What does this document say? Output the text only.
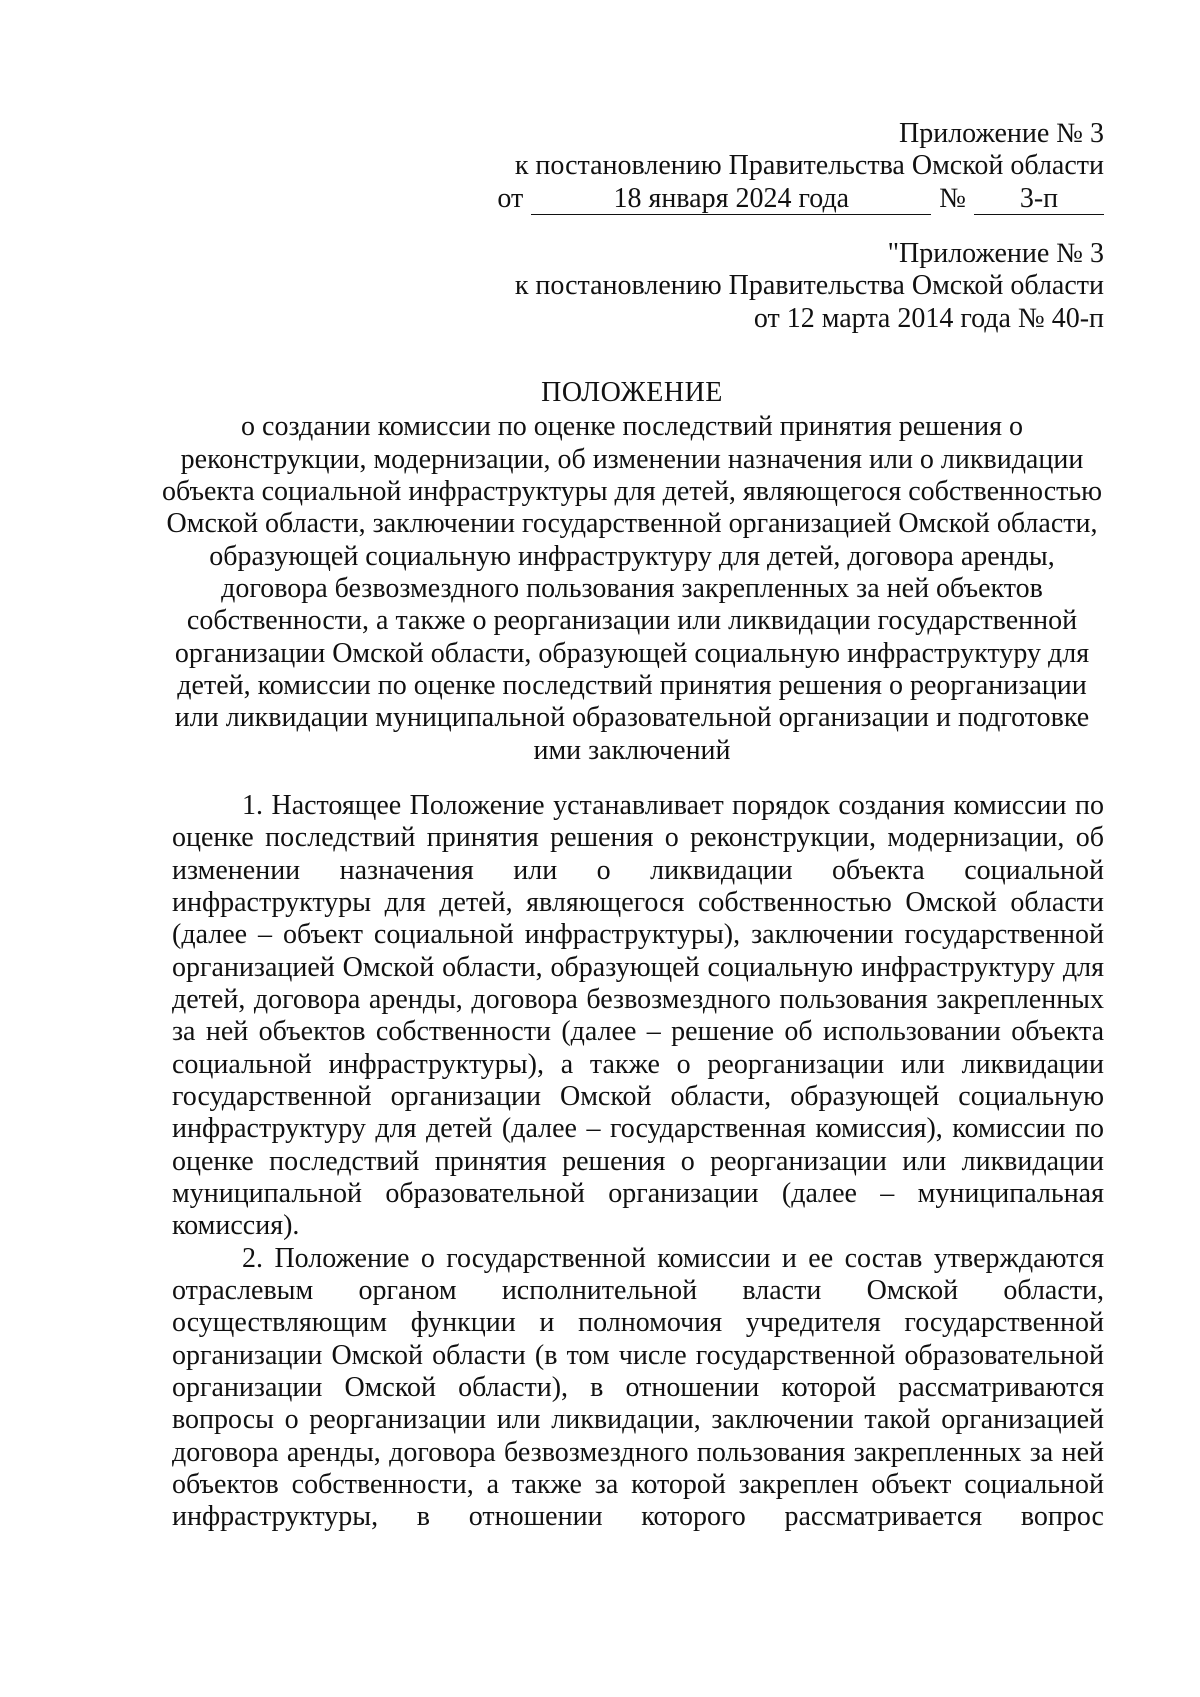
Приложение № 3
к постановлению Правительства Омской области
от	18 января 2024 года	№	3-п
"Приложение № 3
к постановлению Правительства Омской области
от 12 марта 2014 года № 40-п
ПОЛОЖЕНИЕ

о создании комиссии по оценке последствий принятия решения о реконструкции, модернизации, об изменении назначения или о ликвидации объекта социальной инфраструктуры для детей, являющегося собственностью Омской области, заключении государственной организацией Омской области, образующей социальную инфраструктуру для детей, договора аренды, договора безвозмездного пользования закрепленных за ней объектов собственности, а также о реорганизации или ликвидации государственной организации Омской области, образующей социальную инфраструктуру для детей, комиссии по оценке последствий принятия решения о реорганизации или ликвидации муниципальной образовательной организации и подготовке ими заключений

1. Настоящее Положение устанавливает порядок создания комиссии по оценке последствий принятия решения о реконструкции, модернизации, об изменении назначения или о ликвидации объекта социальной инфраструктуры для детей, являющегося собственностью Омской области (далее – объект социальной инфраструктуры), заключении государственной организацией Омской области, образующей социальную инфраструктуру для детей, договора аренды, договора безвозмездного пользования закрепленных за ней объектов собственности (далее – решение об использовании объекта социальной инфраструктуры), а также о реорганизации или ликвидации государственной организации Омской области, образующей социальную инфраструктуру для детей (далее – государственная комиссия), комиссии по оценке последствий принятия решения о реорганизации или ликвидации муниципальной образовательной организации (далее – муниципальная комиссия).

2. Положение о государственной комиссии и ее состав утверждаются отраслевым органом исполнительной власти Омской области, осуществляющим функции и полномочия учредителя государственной организации Омской области (в том числе государственной образовательной организации Омской области), в отношении которой рассматриваются вопросы о реорганизации или ликвидации, заключении такой организацией договора аренды, договора безвозмездного пользования закрепленных за ней объектов собственности, а также за которой закреплен объект социальной инфраструктуры, в отношении которого рассматривается вопрос
